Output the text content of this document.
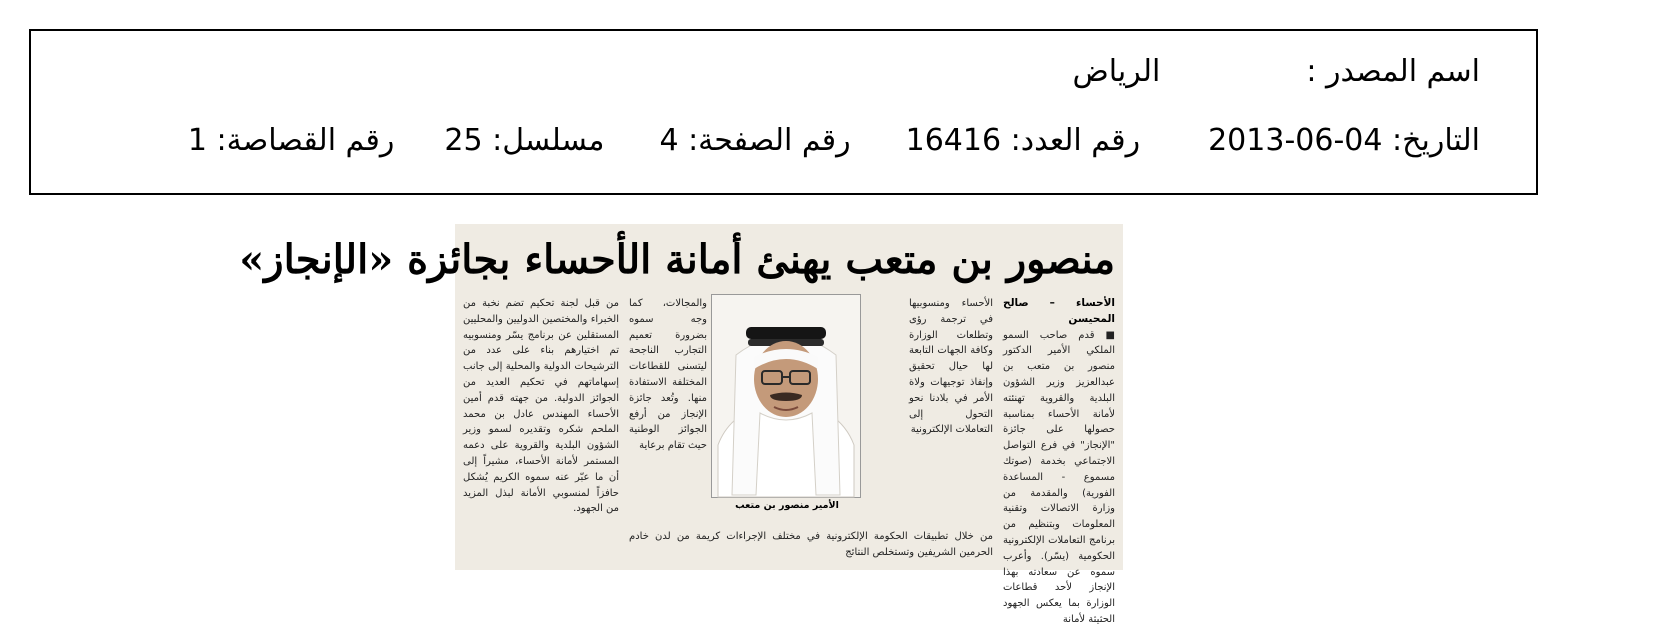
اسم المصدر :
الرياض
التاريخ: 04-06-2013
رقم العدد: 16416
رقم الصفحة: 4
مسلسل: 25
رقم القصاصة: 1
منصور بن متعب يهنئ أمانة الأحساء بجائزة «الإنجاز»
الأحساء – صالح المحيسن
■ قدم صاحب السمو الملكي الأمير الدكتور منصور بن متعب بن عبدالعزيز وزير الشؤون البلدية والقروية تهنئته لأمانة الأحساء بمناسبة حصولها على جائزة "الإنجاز" في فرع التواصل الاجتماعي بخدمة (صوتك مسموع - المساعدة الفورية) والمقدمة من وزارة الاتصالات وتقنية المعلومات وبتنظيم من برنامج التعاملات الإلكترونية الحكومية (يسّر). وأعرب سموه عن سعادته بهذا الإنجاز لأحد قطاعات الوزارة بما يعكس الجهود الحثيثة لأمانة
الأحساء ومنسوبيها في ترجمة رؤى وتطلعات الوزارة وكافة الجهات التابعة لها حيال تحقيق وإنفاذ توجيهات ولاة الأمر في بلادنا نحو التحول إلى التعاملات الإلكترونية
الأمير منصور بن متعب
والمجالات، كما وجه سموه بضرورة تعميم التجارب الناجحة ليتسنى للقطاعات المختلفة الاستفادة منها. وتُعد جائزة الإنجاز من أرفع الجوائز الوطنية حيث تقام برعاية
من قبل لجنة تحكيم تضم نخبة من الخبراء والمختصين الدوليين والمحليين المستقلين عن برنامج يسّر ومنسوبيه تم اختيارهم بناء على عدد من الترشيحات الدولية والمحلية إلى جانب إسهاماتهم في تحكيم العديد من الجوائز الدولية. من جهته قدم أمين الأحساء المهندس عادل بن محمد الملحم شكره وتقديره لسمو وزير الشؤون البلدية والقروية على دعمه المستمر لأمانة الأحساء، مشيراً إلى أن ما عبّر عنه سموه الكريم يُشكل حافزاً لمنسوبي الأمانة لبذل المزيد من الجهود.
من خلال تطبيقات الحكومة الإلكترونية في مختلف الإجراءات كريمة من لدن خادم الحرمين الشريفين وتستخلص النتائج
